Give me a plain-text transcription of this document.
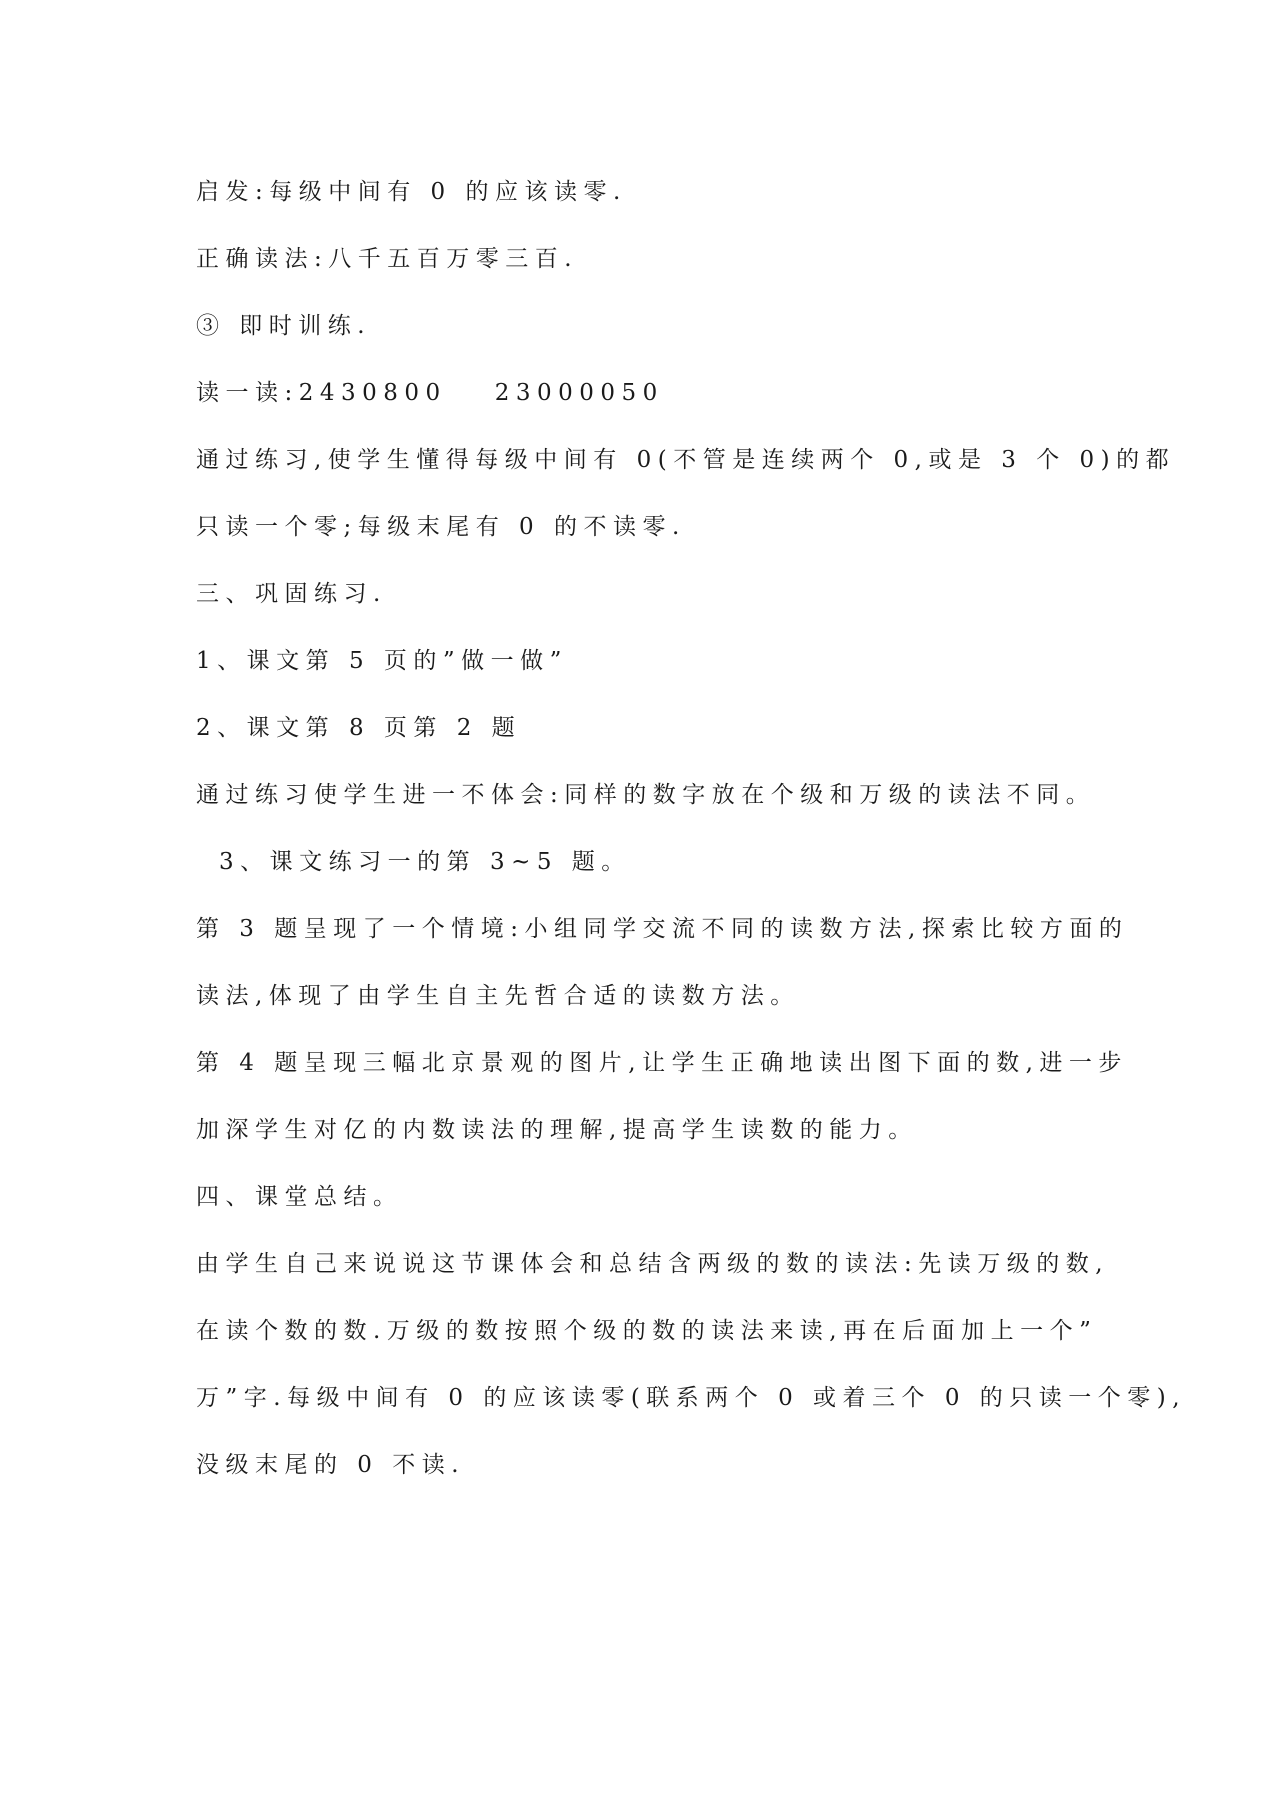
启发:每级中间有 0 的应该读零.
正确读法:八千五百万零三百.
③ 即时训练.
读一读:2430800 23000050
通过练习,使学生懂得每级中间有 0(不管是连续两个 0,或是 3 个 0)的都
只读一个零;每级末尾有 0 的不读零.
三、巩固练习.
1、课文第 5 页的”做一做”
2、课文第 8 页第 2 题
通过练习使学生进一不体会:同样的数字放在个级和万级的读法不同。
3、课文练习一的第 3~5 题。
第 3 题呈现了一个情境:小组同学交流不同的读数方法,探索比较方面的
读法,体现了由学生自主先哲合适的读数方法。
第 4 题呈现三幅北京景观的图片,让学生正确地读出图下面的数,进一步
加深学生对亿的内数读法的理解,提高学生读数的能力。
四、课堂总结。
由学生自己来说说这节课体会和总结含两级的数的读法:先读万级的数,
在读个数的数.万级的数按照个级的数的读法来读,再在后面加上一个”
万”字.每级中间有 0 的应该读零(联系两个 0 或着三个 0 的只读一个零),
没级末尾的 0 不读.
